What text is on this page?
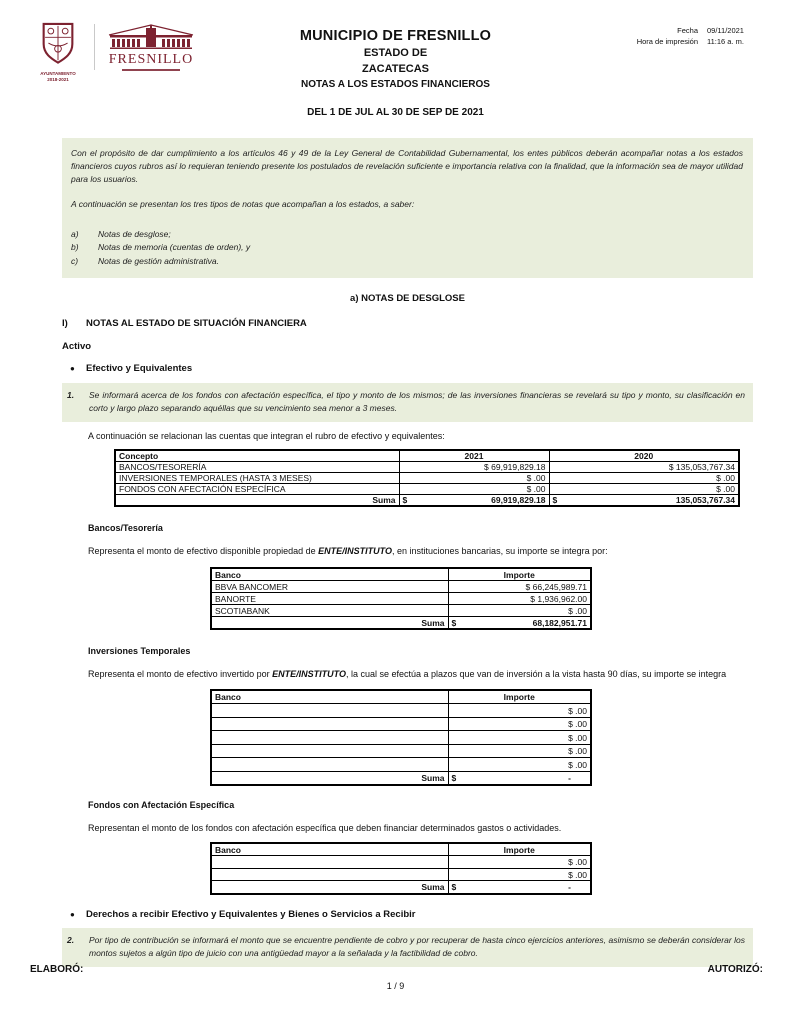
AYUNTAMIENTO
2018-2021
FRESNILLO
MUNICIPIO DE FRESNILLO
ESTADO DE
ZACATECAS
NOTAS A LOS ESTADOS FINANCIEROS
DEL 1 DE JUL AL 30 DE SEP DE 2021
Fecha 09/11/2021
Hora de impresión 11:16 a. m.
Con el propósito de dar cumplimiento a los artículos 46 y 49 de la Ley General de Contabilidad Gubernamental, los entes públicos deberán acompañar notas a los estados financieros cuyos rubros así lo requieran teniendo presente los postulados de revelación suficiente e importancia relativa con la finalidad, que la información sea de mayor utilidad para los usuarios.
A continuación se presentan los tres tipos de notas que acompañan a los estados, a saber:
a)	Notas de desglose;
b)	Notas de memoria (cuentas de orden), y
c)	Notas de gestión administrativa.
a) NOTAS DE DESGLOSE
I)	NOTAS AL ESTADO DE SITUACIÓN FINANCIERA
Activo
●	Efectivo y Equivalentes
1.	Se informará acerca de los fondos con afectación específica, el tipo y monto de los mismos; de las inversiones financieras se revelará su tipo y monto, su clasificación en corto y largo plazo separando aquéllas que su vencimiento sea menor a 3 meses.
A continuación se relacionan las cuentas que integran el rubro de efectivo y equivalentes:
Concepto	2021	2020
BANCOS/TESORERÍA	$ 69,919,829.18	$ 135,053,767.34
INVERSIONES TEMPORALES (HASTA 3 MESES)	$ .00	$ .00
FONDOS CON AFECTACIÓN ESPECÍFICA	$ .00	$ .00
Suma	$ 69,919,829.18	$ 135,053,767.34
Bancos/Tesorería
Representa el monto de efectivo disponible propiedad de ENTE/INSTITUTO, en instituciones bancarias, su importe se integra por:
Banco	Importe
BBVA BANCOMER	$ 66,245,989.71
BANORTE	$ 1,936,962.00
SCOTIABANK	$ .00
Suma	$ 68,182,951.71
Inversiones Temporales
Representa el monto de efectivo invertido por ENTE/INSTITUTO, la cual se efectúa a plazos que van de inversión a la vista hasta 90 días, su importe se integra
Banco	Importe
	$ .00
	$ .00
	$ .00
	$ .00
	$ .00
Suma	$ -
Fondos con Afectación Específica
Representan el monto de los fondos con afectación específica que deben financiar determinados gastos o actividades.
Banco	Importe
	$ .00
	$ .00
Suma	$ -
●	Derechos a recibir Efectivo y Equivalentes y Bienes o Servicios a Recibir
2.	Por tipo de contribución se informará el monto que se encuentre pendiente de cobro y por recuperar de hasta cinco ejercicios anteriores, asimismo se deberán considerar los montos sujetos a algún tipo de juicio con una antigüedad mayor a la señalada y la factibilidad de cobro.
ELABORÓ:	AUTORIZÓ:
1 / 9
